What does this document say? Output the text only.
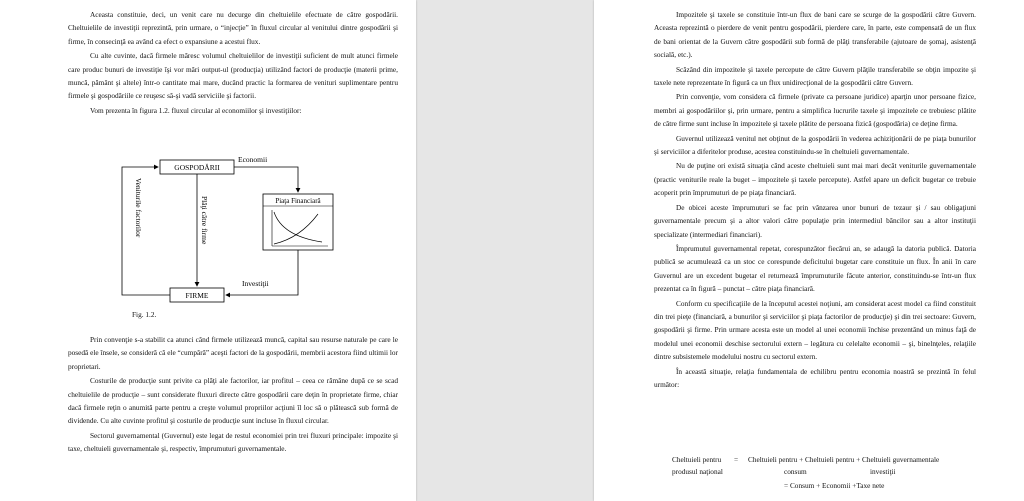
Aceasta constituie, deci, un venit care nu decurge din cheltuielile efectuate de către gospodării. Cheltuielile de investiţii reprezintă, prin urmare, o “injecţie” în fluxul circular al venitului dintre gospodării şi firme, în consecinţă ea având ca efect o expansiune a acestui flux.

Cu alte cuvinte, dacă firmele măresc volumul cheltuielilor de investiţii suficient de mult atunci firmele care produc bunuri de investiţie îşi vor mări output-ul (producţia) utilizând factori de producţie (materii prime, muncă, pământ şi altele) într-o cantitate mai mare, ducând practic la formarea de venituri suplimentare pentru firmele şi gospodăriile ce reuşesc să-şi vadă serviciile şi factorii.

Vom prezenta în figura 1.2. fluxul circular al economiilor şi investiţiilor:

GOSPODĂRII
FIRME
Piaţa Financiară
Economii
Investiţii
Veniturile factorilor	Plăţi către firme
Fig. 1.2.

Prin convenţie s-a stabilit ca atunci când firmele utilizează muncă, capital sau resurse naturale pe care le posedă ele însele, se consideră că ele “cumpără” aceşti factori de la gospodării, membrii acestora fiind ultimii lor proprietari.

Costurile de producţie sunt privite ca plăţi ale factorilor, iar profitul – ceea ce rămâne după ce se scad cheltuielile de producţie – sunt considerate fluxuri directe către gospodării care deţin în proprietate firme, chiar dacă firmele reţin o anumită parte pentru a creşte volumul propriilor acţiuni îl loc să o plătească sub formă de dividende. Cu alte cuvinte profitul şi costurile de producţie sunt incluse în fluxul circular.

Sectorul guvernamental (Guvernul) este legat de restul economiei prin trei fluxuri principale: impozite şi taxe, cheltuieli guvernamentale şi, respectiv, împrumuturi guvernamentale.

Impozitele şi taxele se constituie într-un flux de bani care se scurge de la gospodării către Guvern. Aceasta reprezintă o pierdere de venit pentru gospodării, pierdere care, în parte, este compensată de un flux de bani orientat de la Guvern către gospodării sub formă de plăţi transferabile (ajutoare de şomaj, asistenţă socială, etc.).

Scăzând din impozitele şi taxele percepute de către Guvern plăţile transferabile se obţin impozite şi taxele nete reprezentate în figură ca un flux unidirecţional de la gospodării către Guvern.

Prin convenţie, vom considera că firmele (private ca persoane juridice) aparţin unor persoane fizice, membri ai gospodăriilor şi, prin urmare, pentru a simplifica lucrurile taxele şi impozitele ce trebuiesc plătite de către firme sunt incluse în impozitele şi taxele plătite de persoana fizică (gospodăria) ce deţine firma.

Guvernul utilizează venitul net obţinut de la gospodării în vederea achiziţionării de pe piaţa bunurilor şi serviciilor a diferitelor produse, acestea constituindu-se în cheltuieli guvernamentale.

Nu de puţine ori există situaţia când aceste cheltuieli sunt mai mari decât veniturile guvernamentale (practic veniturile reale la buget – impozitele şi taxele percepute). Astfel apare un deficit bugetar ce trebuie acoperit prin împrumuturi de pe piaţa financiară.

De obicei aceste împrumuturi se fac prin vânzarea unor bunuri de tezaur şi / sau obligaţiuni guvernamentale precum şi a altor valori către populaţie prin intermediul băncilor sau a altor instituţii specializate (intermediari financiari).

Împrumutul guvernamental repetat, corespunzător fiecărui an, se adaugă la datoria publică. Datoria publică se acumulează ca un stoc ce corespunde deficitului bugetar care constituie un flux. În anii în care Guvernul are un excedent bugetar el returnează împrumuturile făcute anterior, constituindu-se într-un flux prezentat ca în figură – punctat – către piaţa financiară.

Conform cu specificaţiile de la începutul acestei noţiuni, am considerat acest model ca fiind constituit din trei pieţe (financiară, a bunurilor şi serviciilor şi piaţa factorilor de producţie) şi din trei sectoare: Guvern, gospodării şi firme. Prin urmare acesta este un model al unei economii închise prezentând un minus faţă de modelul unei economii deschise sectorului extern – legătura cu celelalte economii – şi, binelnţeles, relaţiile dintre subsistemele modelului nostru cu sectorul extern.

În această situaţie, relaţia fundamentala de echilibru pentru economia noastră se prezintă în felul următor:

Cheltuieli pentru
produsul naţional
= Cheltuieli pentru + Cheltuieli pentru + Cheltuieli guvernamentale
consum	investiţii
= Consum + Economii +Taxe nete
